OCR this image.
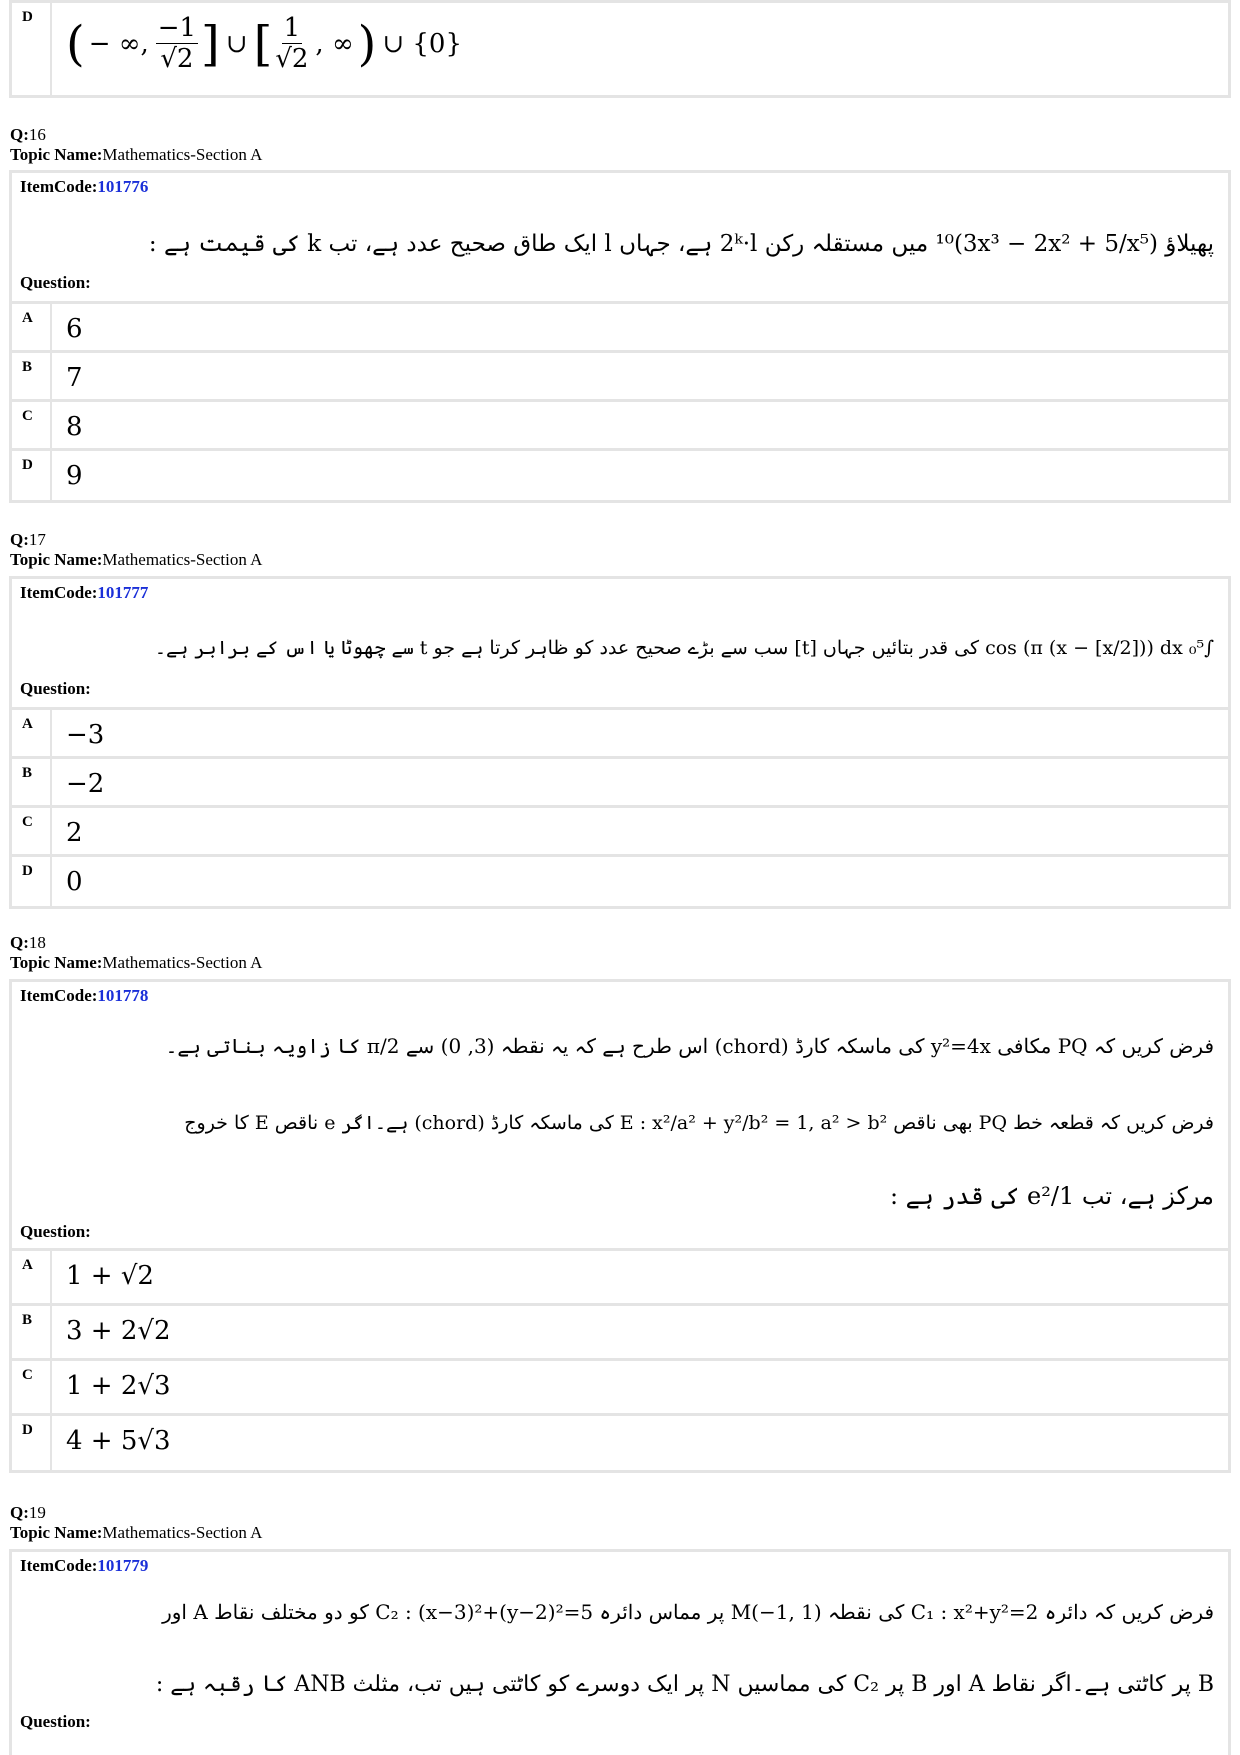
D ( − ∞, $\frac{-1}{√2}$ ] ∪ [ $\frac{1}{√2}$ , ∞ ) ∪ {0}
Q:16
Topic Name:Mathematics-Section A
ItemCode:101776
پھیلاؤ (3x³ − 2x² + 5/x⁵)¹⁰ میں مستقلہ رکن 2ᵏ·l ہے، جہاں l ایک طاق صحیح عدد ہے، تب k کی قیمت ہے :
Question:
A 6
B 7
C 8
D 9
Q:17
Topic Name:Mathematics-Section A
ItemCode:101777
∫₀⁵ cos (π (x − [x/2])) dx کی قدر بتائیں جہاں [t] سب سے بڑے صحیح عدد کو ظاہر کرتا ہے جو t سے چھوٹا یا اس کے برابر ہے۔
Question:
A −3
B −2
C 2
D 0
Q:18
Topic Name:Mathematics-Section A
ItemCode:101778
فرض کریں کہ PQ مکافی y²=4x کی ماسکہ کارڈ (chord) اس طرح ہے کہ یہ نقطہ (3, 0) سے π/2 کا زاویہ بناتی ہے۔
فرض کریں کہ قطعہ خط PQ بھی ناقص E : x²/a² + y²/b² = 1, a² > b² کی ماسکہ کارڈ (chord) ہے۔اگر e ناقص E کا خروج
مرکز ہے، تب 1/e² کی قدر ہے :
Question:
A 1 + √2
B 3 + 2√2
C 1 + 2√3
D 4 + 5√3
Q:19
Topic Name:Mathematics-Section A
ItemCode:101779
فرض کریں کہ دائرہ C₁ : x²+y²=2 کی نقطہ M(−1, 1) پر مماس دائرہ C₂ : (x−3)²+(y−2)²=5 کو دو مختلف نقاط A اور
B پر کاٹتی ہے۔اگر نقاط A اور B پر C₂ کی مماسیں N پر ایک دوسرے کو کاٹتی ہیں تب، مثلث ANB کا رقبہ ہے :
Question:
